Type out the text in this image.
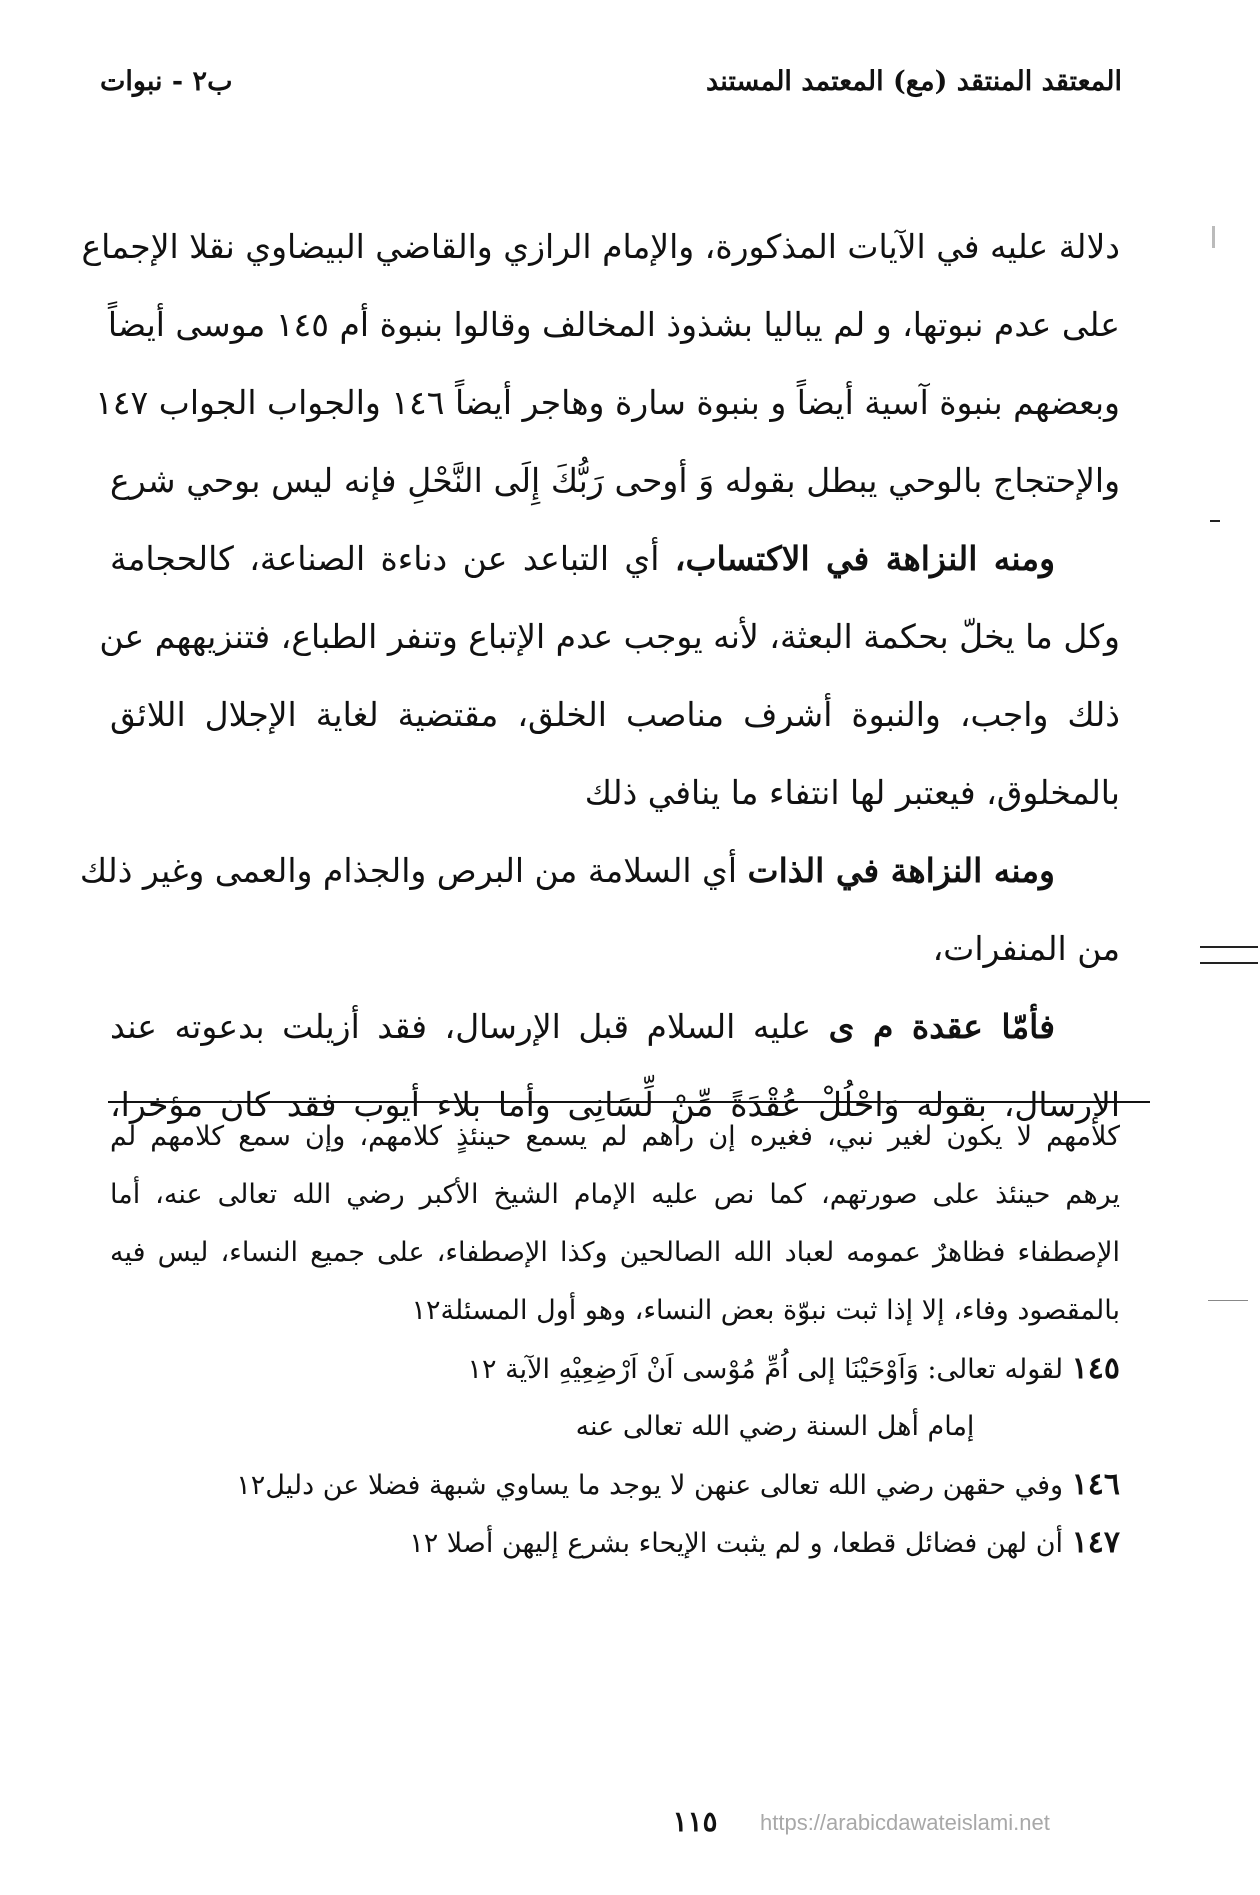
المعتقد المنتقد (مع) المعتمد المستند
ب٢ - نبوات
دلالة عليه في الآيات المذكورة، والإمام الرازي والقاضي البيضاوي نقلا الإجماع
على عدم نبوتها، و لم يباليا بشذوذ المخالف وقالوا بنبوة أم ١٤٥ موسى أيضاً
وبعضهم بنبوة آسية أيضاً و بنبوة سارة وهاجر أيضاً ١٤٦ والجواب الجواب ١٤٧
والإحتجاج بالوحي يبطل بقوله وَ أوحى رَبُّكَ إِلَى النَّحْلِ فإنه ليس بوحي شرع
ومنه النزاهة في الاكتساب، أي التباعد عن دناءة الصناعة، كالحجامة
وكل ما يخلّ بحكمة البعثة، لأنه يوجب عدم الإتباع وتنفر الطباع، فتنزيههم عن
ذلك واجب، والنبوة أشرف مناصب الخلق، مقتضية لغاية الإجلال اللائق
بالمخلوق، فيعتبر لها انتفاء ما ينافي ذلك
ومنه النزاهة في الذات أي السلامة من البرص والجذام والعمى وغير ذلك
من المنفرات،
فأمّا عقدة م ى عليه السلام قبل الإرسال، فقد أزيلت بدعوته عند
الإرسال، بقوله وَاحْلُلْ عُقْدَةً مِّنْ لِّسَانِى وأما بلاء أيوب فقد كان مؤخرا،
كلامهم لا يكون لغير نبي، فغيره إن رآهم لم يسمع حينئذٍ كلامهم، وإن سمع كلامهم لم
يرهم حينئذ على صورتهم، كما نص عليه الإمام الشيخ الأكبر رضي الله تعالى عنه، أما
الإصطفاء فظاهرٌ عمومه لعباد الله الصالحين وكذا الإصطفاء، على جميع النساء، ليس فيه
بالمقصود وفاء، إلا إذا ثبت نبوّة بعض النساء، وهو أول المسئلة١٢
١٤٥ لقوله تعالى: وَاَوْحَيْنَا إلى اُمِّ مُوْسى اَنْ اَرْضِعِيْهِ الآية ١٢
إمام أهل السنة رضي الله تعالى عنه
١٤٦ وفي حقهن رضي الله تعالى عنهن لا يوجد ما يساوي شبهة فضلا عن دليل١٢
١٤٧ أن لهن فضائل قطعا، و لم يثبت الإيحاء بشرع إليهن أصلا ١٢
١١٥	https://arabicdawateislami.net
